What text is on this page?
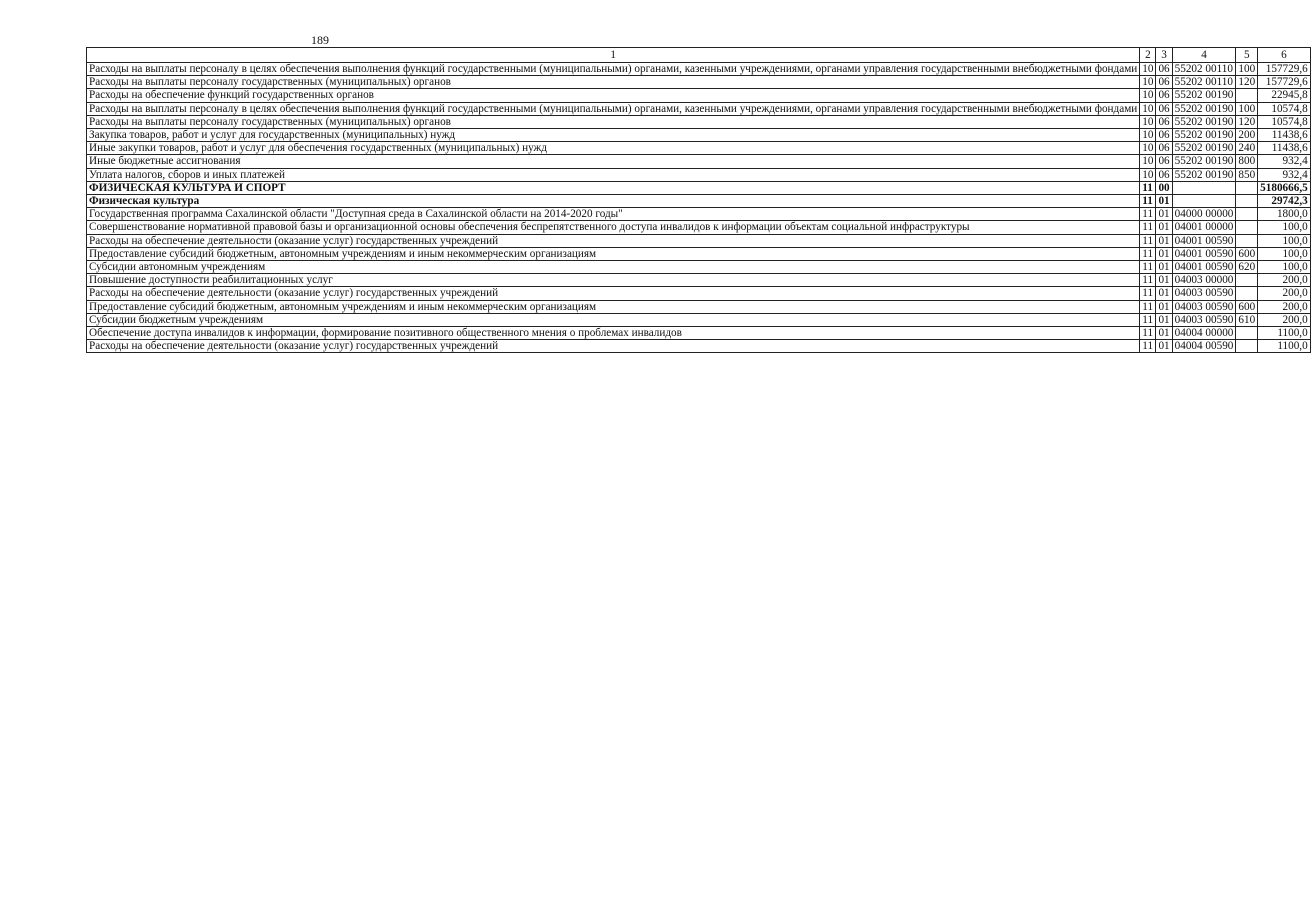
189
1	2	3	4	5	6
Расходы на выплаты персоналу в целях обеспечения выполнения функций государственными (муниципальными) органами, казенными учреждениями, органами управления государственными внебюджетными фондами	10	06	55202 00110	100	157729,6
Расходы на выплаты персоналу государственных (муниципальных) органов	10	06	55202 00110	120	157729,6
Расходы на обеспечение функций государственных органов	10	06	55202 00190		22945,8
Расходы на выплаты персоналу в целях обеспечения выполнения функций государственными (муниципальными) органами, казенными учреждениями, органами управления государственными внебюджетными фондами	10	06	55202 00190	100	10574,8
Расходы на выплаты персоналу государственных (муниципальных) органов	10	06	55202 00190	120	10574,8
Закупка товаров, работ и услуг для государственных (муниципальных) нужд	10	06	55202 00190	200	11438,6
Иные закупки товаров, работ и услуг для обеспечения государственных (муниципальных) нужд	10	06	55202 00190	240	11438,6
Иные бюджетные ассигнования	10	06	55202 00190	800	932,4
Уплата налогов, сборов и иных платежей	10	06	55202 00190	850	932,4
ФИЗИЧЕСКАЯ КУЛЬТУРА И СПОРТ	11	00			5180666,5
Физическая культура	11	01			29742,3
Государственная программа Сахалинской области "Доступная среда в Сахалинской области на 2014-2020 годы"	11	01	04000 00000		1800,0
Совершенствование нормативной правовой базы и организационной основы обеспечения беспрепятственного доступа инвалидов к информации объектам социальной инфраструктуры	11	01	04001 00000		100,0
Расходы на обеспечение деятельности (оказание услуг) государственных учреждений	11	01	04001 00590		100,0
Предоставление субсидий бюджетным, автономным учреждениям и иным некоммерческим организациям	11	01	04001 00590	600	100,0
Субсидии автономным учреждениям	11	01	04001 00590	620	100,0
Повышение доступности реабилитационных услуг	11	01	04003 00000		200,0
Расходы на обеспечение деятельности (оказание услуг) государственных учреждений	11	01	04003 00590		200,0
Предоставление субсидий бюджетным, автономным учреждениям и иным некоммерческим организациям	11	01	04003 00590	600	200,0
Субсидии бюджетным учреждениям	11	01	04003 00590	610	200,0
Обеспечение доступа инвалидов к информации, формирование позитивного общественного мнения о проблемах инвалидов	11	01	04004 00000		1100,0
Расходы на обеспечение деятельности (оказание услуг) государственных учреждений	11	01	04004 00590		1100,0
